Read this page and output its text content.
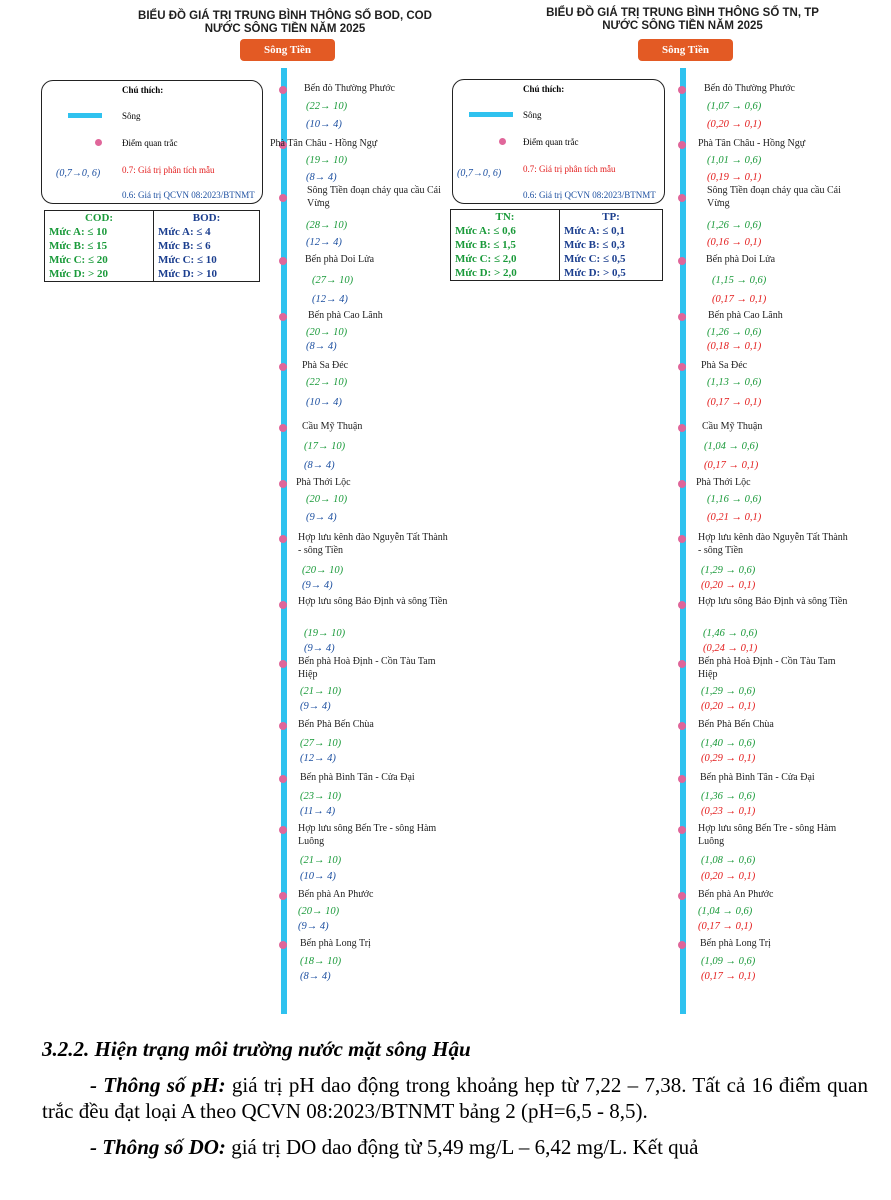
BIỂU ĐỒ GIÁ TRỊ TRUNG BÌNH THÔNG SỐ BOD, COD
NƯỚC SÔNG TIỀN NĂM 2025
Sông Tiền
Chú thích:
Sông
Điểm quan trắc
(0,7→0, 6) 0.7: Giá trị phân tích mẫu
0.6: Giá trị QCVN 08:2023/BTNMT
COD:
Mức A: ≤ 10
Mức B: ≤ 15
Mức C: ≤ 20
Mức D: > 20

BOD:
Mức A: ≤ 4
Mức B: ≤ 6
Mức C: ≤ 10
Mức D: > 10
Bến đò Thường Phước
(22→ 10)
(10→ 4)
Phà Tân Châu - Hồng Ngự
(19→ 10)
(8→ 4)
Sông Tiền đoạn chảy qua cầu Cái Vừng
(28→ 10)
(12→ 4)
Bến phà Doi Lửa
(27→ 10)
(12→ 4)
Bến phà Cao Lãnh
(20→ 10)
(8→ 4)
Phà Sa Đéc
(22→ 10)
(10→ 4)
Cầu Mỹ Thuận
(17→ 10)
(8→ 4)
Phà Thới Lộc
(20→ 10)
(9→ 4)
Hợp lưu kênh đào Nguyễn Tất Thành - sông Tiền
(20→ 10)
(9→ 4)
Hợp lưu sông Bảo Định và sông Tiền
(19→ 10)
(9→ 4)
Bến phà Hoà Định - Cồn Tàu Tam Hiệp
(21→ 10)
(9→ 4)
Bến Phà Bến Chùa
(27→ 10)
(12→ 4)
Bến phà Bình Tân - Cửa Đại
(23→ 10)
(11→ 4)
Hợp lưu sông Bến Tre - sông Hàm Luông
(21→ 10)
(10→ 4)
Bến phà An Phước
(20→ 10)
(9→ 4)
Bến phà Long Trị
(18→ 10)
(8→ 4)
BIỂU ĐỒ GIÁ TRỊ TRUNG BÌNH THÔNG SỐ TN, TP
NƯỚC SÔNG TIỀN NĂM 2025
Sông Tiền
Chú thích:
Sông
Điểm quan trắc
(0,7→0, 6) 0.7: Giá trị phân tích mẫu
0.6: Giá trị QCVN 08:2023/BTNMT
TN:
Mức A: ≤ 0,6
Mức B: ≤ 1,5
Mức C: ≤ 2,0
Mức D: > 2,0

TP:
Mức A: ≤ 0,1
Mức B: ≤ 0,3
Mức C: ≤ 0,5
Mức D: > 0,5
Bến đò Thường Phước
(1,07 → 0,6)
(0,20 → 0,1)
Phà Tân Châu - Hồng Ngự
(1,01 → 0,6)
(0,19 → 0,1)
Sông Tiền đoạn chảy qua cầu Cái Vừng
(1,26 → 0,6)
(0,16 → 0,1)
Bến phà Doi Lửa
(1,15 → 0,6)
(0,17 → 0,1)
Bến phà Cao Lãnh
(1,26 → 0,6)
(0,18 → 0,1)
Phà Sa Đéc
(1,13 → 0,6)
(0,17 → 0,1)
Cầu Mỹ Thuận
(1,04 → 0,6)
(0,17 → 0,1)
Phà Thới Lộc
(1,16 → 0,6)
(0,21 → 0,1)
Hợp lưu kênh đào Nguyễn Tất Thành - sông Tiền
(1,29 → 0,6)
(0,20 → 0,1)
Hợp lưu sông Bảo Định và sông Tiền
(1,46 → 0,6)
(0,24 → 0,1)
Bến phà Hoà Định - Cồn Tàu Tam Hiệp
(1,29 → 0,6)
(0,20 → 0,1)
Bến Phà Bến Chùa
(1,40 → 0,6)
(0,29 → 0,1)
Bến phà Bình Tân - Cửa Đại
(1,36 → 0,6)
(0,23 → 0,1)
Hợp lưu sông Bến Tre - sông Hàm Luông
(1,08 → 0,6)
(0,20 → 0,1)
Bến phà An Phước
(1,04 → 0,6)
(0,17 → 0,1)
Bến phà Long Trị
(1,09 → 0,6)
(0,17 → 0,1)
3.2.2. Hiện trạng môi trường nước mặt sông Hậu
- Thông số pH: giá trị pH dao động trong khoảng hẹp từ 7,22 – 7,38. Tất cả 16 điểm quan trắc đều đạt loại A theo QCVN 08:2023/BTNMT bảng 2 (pH=6,5 - 8,5).
- Thông số DO: giá trị DO dao động từ 5,49 mg/L – 6,42 mg/L. Kết quả
